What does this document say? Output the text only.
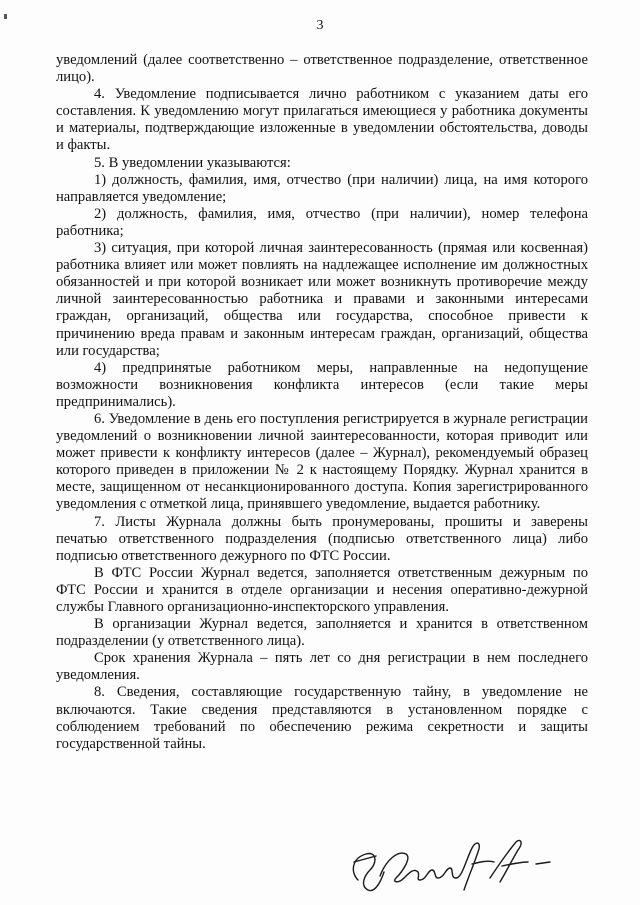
3

уведомлений (далее соответственно – ответственное подразделение, ответственное лицо).

4. Уведомление подписывается лично работником с указанием даты его составления. К уведомлению могут прилагаться имеющиеся у работника документы и материалы, подтверждающие изложенные в уведомлении обстоятельства, доводы и факты.

5. В уведомлении указываются:

1) должность, фамилия, имя, отчество (при наличии) лица, на имя которого направляется уведомление;

2) должность, фамилия, имя, отчество (при наличии), номер телефона работника;

3) ситуация, при которой личная заинтересованность (прямая или косвенная) работника влияет или может повлиять на надлежащее исполнение им должностных обязанностей и при которой возникает или может возникнуть противоречие между личной заинтересованностью работника и правами и законными интересами граждан, организаций, общества или государства, способное привести к причинению вреда правам и законным интересам граждан, организаций, общества или государства;

4) предпринятые работником меры, направленные на недопущение возможности возникновения конфликта интересов (если такие меры предпринимались).

6. Уведомление в день его поступления регистрируется в журнале регистрации уведомлений о возникновении личной заинтересованности, которая приводит или может привести к конфликту интересов (далее – Журнал), рекомендуемый образец которого приведен в приложении № 2 к настоящему Порядку. Журнал хранится в месте, защищенном от несанкционированного доступа. Копия зарегистрированного уведомления с отметкой лица, принявшего уведомление, выдается работнику.

7. Листы Журнала должны быть пронумерованы, прошиты и заверены печатью ответственного подразделения (подписью ответственного лица) либо подписью ответственного дежурного по ФТС России.

В ФТС России Журнал ведется, заполняется ответственным дежурным по ФТС России и хранится в отделе организации и несения оперативно-дежурной службы Главного организационно-инспекторского управления.

В организации Журнал ведется, заполняется и хранится в ответственном подразделении (у ответственного лица).

Срок хранения Журнала – пять лет со дня регистрации в нем последнего уведомления.

8. Сведения, составляющие государственную тайну, в уведомление не включаются. Такие сведения представляются в установленном порядке с соблюдением требований по обеспечению режима секретности и защиты государственной тайны.
